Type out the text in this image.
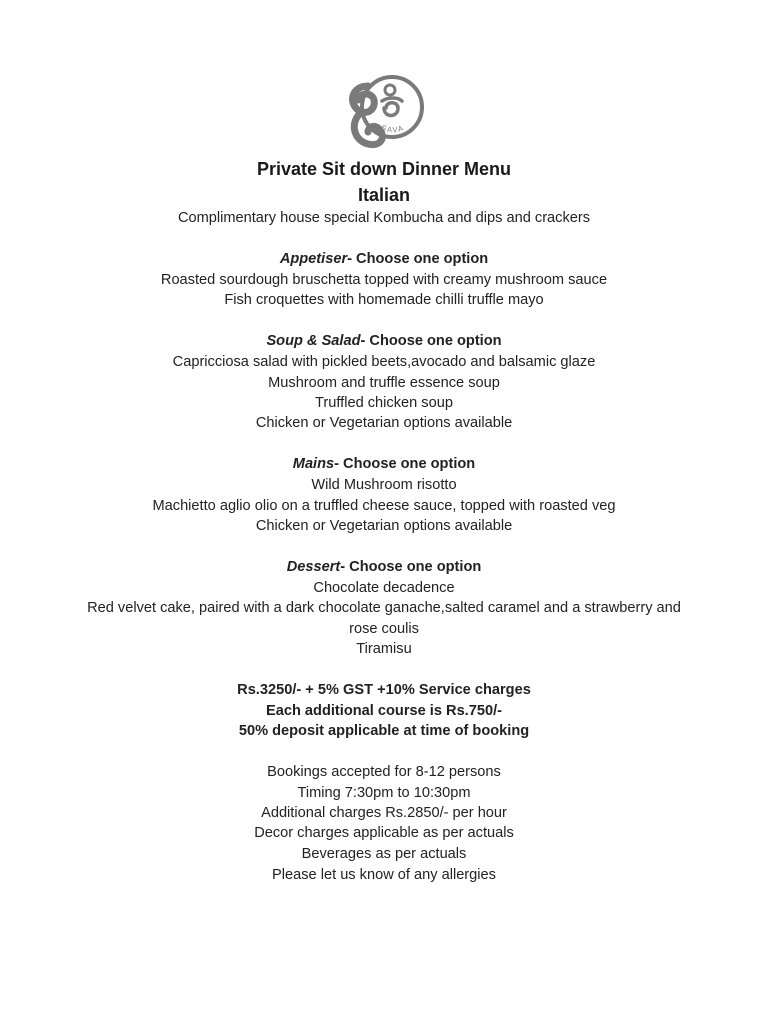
SAVA
Private Sit down Dinner Menu
Italian
Complimentary house special Kombucha and dips and crackers
Appetiser- Choose one option
Roasted sourdough bruschetta topped with creamy mushroom sauce
Fish croquettes with homemade chilli truffle mayo
Soup & Salad- Choose one option
Capricciosa salad with pickled beets,avocado and balsamic glaze
Mushroom and truffle essence soup
Truffled chicken soup
Chicken or Vegetarian options available
Mains- Choose one option
Wild Mushroom risotto
Machietto aglio olio on a truffled cheese sauce, topped with roasted veg
Chicken or Vegetarian options available
Dessert- Choose one option
Chocolate decadence
Red velvet cake, paired with a dark chocolate ganache,salted caramel and a strawberry and rose coulis
Tiramisu
Rs.3250/- + 5% GST +10% Service charges
Each additional course is Rs.750/-
50% deposit applicable at time of booking
Bookings accepted for 8-12 persons
Timing 7:30pm to 10:30pm
Additional charges Rs.2850/- per hour
Decor charges applicable as per actuals
Beverages as per actuals
Please let us know of any allergies
